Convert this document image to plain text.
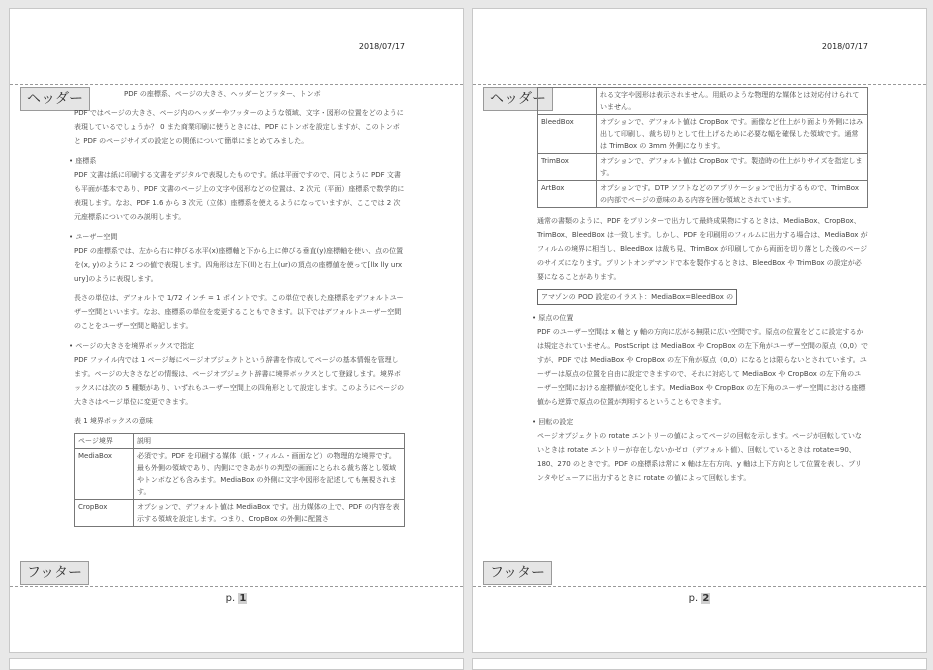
2018/07/17
ヘッダー	PDF の座標系、ページの大きさ、ヘッダーとフッター、トンボ
PDF ではページの大きさ、ページ内のヘッダーやフッターのような領域、文字・図形の位置をどのように表現しているでしょうか？ 0 また商業印刷に使うときには、PDF にトンボを設定しますが、このトンボと PDF のページサイズの設定との関係について簡単にまとめてみました。
• 座標系
PDF 文書は紙に印刷する文書をデジタルで表現したものです。紙は平面ですので、同じように PDF 文書も平面が基本であり、PDF 文書のページ上の文字や図形などの位置は、2 次元（平面）座標系で数学的に表現します。なお、PDF 1.6 から 3 次元（立体）座標系を使えるようになっていますが、ここでは 2 次元座標系についてのみ説明します。
• ユーザー空間
PDF の座標系では、左から右に伸びる水平(x)座標軸と下から上に伸びる垂直(y)座標軸を使い、点の位置を(x, y)のように 2 つの値で表現します。四角形は左下(ll)と右上(ur)の頂点の座標値を使って[llx lly urx ury]のように表現します。
長さの単位は、デフォルトで 1/72 インチ = 1 ポイントです。この単位で表した座標系をデフォルトユーザー空間といいます。なお、座標系の単位を変更することもできます。以下ではデフォルトユーザー空間のことをユーザー空間と略記します。
• ページの大きさを境界ボックスで指定
PDF ファイル内では 1 ページ毎にページオブジェクトという辞書を作成してページの基本情報を管理します。ページの大きさなどの情報は、ページオブジェクト辞書に境界ボックスとして登録します。境界ボックスには次の 5 種類があり、いずれもユーザー空間上の四角形として設定します。このようにページの大きさはページ単位に変更できます。
表 1 境界ボックスの意味
ページ境界	説明
MediaBox	必須です。PDF を印刷する媒体（紙・フィルム・画面など）の物理的な境界です。最も外側の領域であり、内側にできあがりの判型の画面にとられる裁ち落とし領域やトンボなども含みます。MediaBox の外側に文字や図形を記述しても無視されます。
CropBox	オプションで、デフォルト値は MediaBox です。出力媒体の上で、PDF の内容を表示する領域を設定します。つまり、CropBox の外側に配置さ
フッター
p. 1
2018/07/17
ヘッダー
		れる文字や図形は表示されません。用紙のような物理的な媒体とは対応付けられていません。
BleedBox	オプションで、デフォルト値は CropBox です。画像など仕上がり面より外側にはみ出して印刷し、裁ち切りとして仕上げるために必要な幅を確保した領域です。通常は TrimBox の 3mm 外側になります。
TrimBox	オプションで、デフォルト値は CropBox です。製造時の仕上がりサイズを指定します。
ArtBox	オプションです。DTP ソフトなどのアプリケーションで出力するもので、TrimBox の内部でページの意味のある内容を囲む領域とされています。
通常の書類のように、PDF をプリンターで出力して最終成果物にするときは、MediaBox、CropBox、TrimBox、BleedBox は一致します。しかし、PDF を印刷用のフィルムに出力する場合は、MediaBox がフィルムの境界に相当し、BleedBox は裁ち見、TrimBox が印刷してから両面を切り落とした後のページのサイズになります。プリントオンデマンドで本を製作するときは、BleedBox や TrimBox の設定が必要になることがあります。
アマゾンの POD 設定のイラスト：MediaBox=BleedBox の
• 原点の位置
PDF のユーザー空間は x 軸と y 軸の方向に広がる無限に広い空間です。原点の位置をどこに設定するかは規定されていません。PostScript は MediaBox や CropBox の左下角がユーザー空間の原点（0,0）ですが、PDF では MediaBox や CropBox の左下角が原点（0,0）になるとは限らないとされています。ユーザーは原点の位置を自由に設定できますので、それに対応して MediaBox や CropBox の左下角のユーザー空間における座標値が変化します。MediaBox や CropBox の左下角のユーザー空間における座標値から逆算で原点の位置が判明するということもできます。
• 回転の設定
ページオブジェクトの rotate エントリーの値によってページの回転を示します。ページが回転していないときは rotate エントリーが存在しないかゼロ（デフォルト値）、回転しているときは rotate=90、180、270 のときです。PDF の座標系は常に x 軸は左右方向、y 軸は上下方向として位置を表し、プリンタやビューアに出力するときに rotate の値によって回転します。
フッター
p. 2
